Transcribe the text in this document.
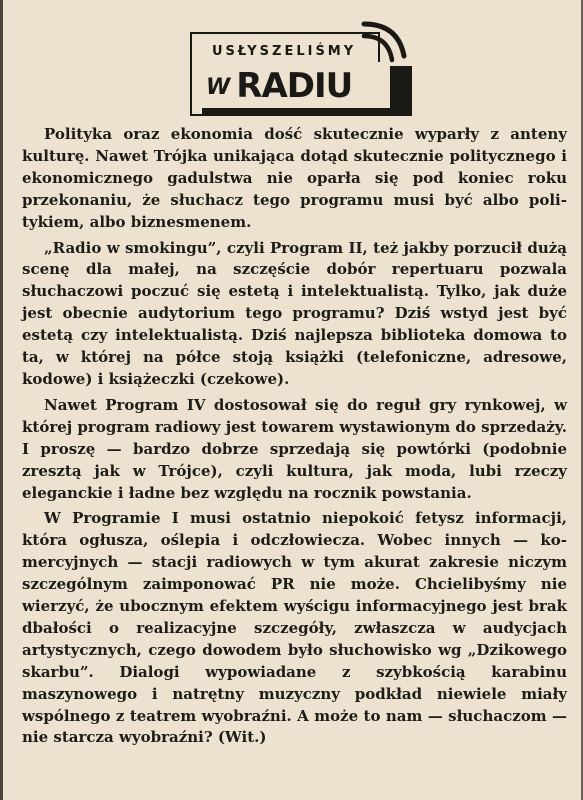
USŁYSZELIŚMY
W RADIU

Polityka oraz ekonomia dość skutecznie wyparły z anteny kulturę. Nawet Trójka unikająca dotąd skutecznie politycznego i ekonomicznego gadulstwa nie oparła się pod koniec roku przekonaniu, że słuchacz tego programu musi być albo politykiem, albo biznesmenem.

„Radio w smokingu”, czyli Program II, też jakby porzucił dużą scenę dla małej, na szczęście dobór repertuaru pozwala słuchaczowi poczuć się estetą i intelektualistą. Tylko, jak duże jest obecnie audytorium tego programu? Dziś wstyd jest być estetą czy intelektualistą. Dziś najlepsza biblioteka domowa to ta, w której na półce stoją książki (telefoniczne, adresowe, kodowe) i książeczki (czekowe).

Nawet Program IV dostosował się do reguł gry rynkowej, w której program radiowy jest towarem wystawionym do sprzedaży. I proszę — bardzo dobrze sprzedają się powtórki (podobnie zresztą jak w Trójce), czyli kultura, jak moda, lubi rzeczy eleganckie i ładne bez względu na rocznik powstania.

W Programie I musi ostatnio niepokoić fetysz informacji, która ogłusza, oślepia i odczłowiecza. Wobec innych — komercyjnych — stacji radiowych w tym akurat zakresie niczym szczególnym zaimponować PR nie może. Chcielibyśmy nie wierzyć, że ubocznym efektem wyścigu informacyjnego jest brak dbałości o realizacyjne szczegóły, zwłaszcza w audycjach artystycznych, czego dowodem było słuchowisko wg „Dzikowego skarbu”. Dialogi wypowiadane z szybkością karabinu maszynowego i natrętny muzyczny podkład niewiele miały wspólnego z teatrem wyobraźni. A może to nam — słuchaczom — nie starcza wyobraźni? (Wit.)
